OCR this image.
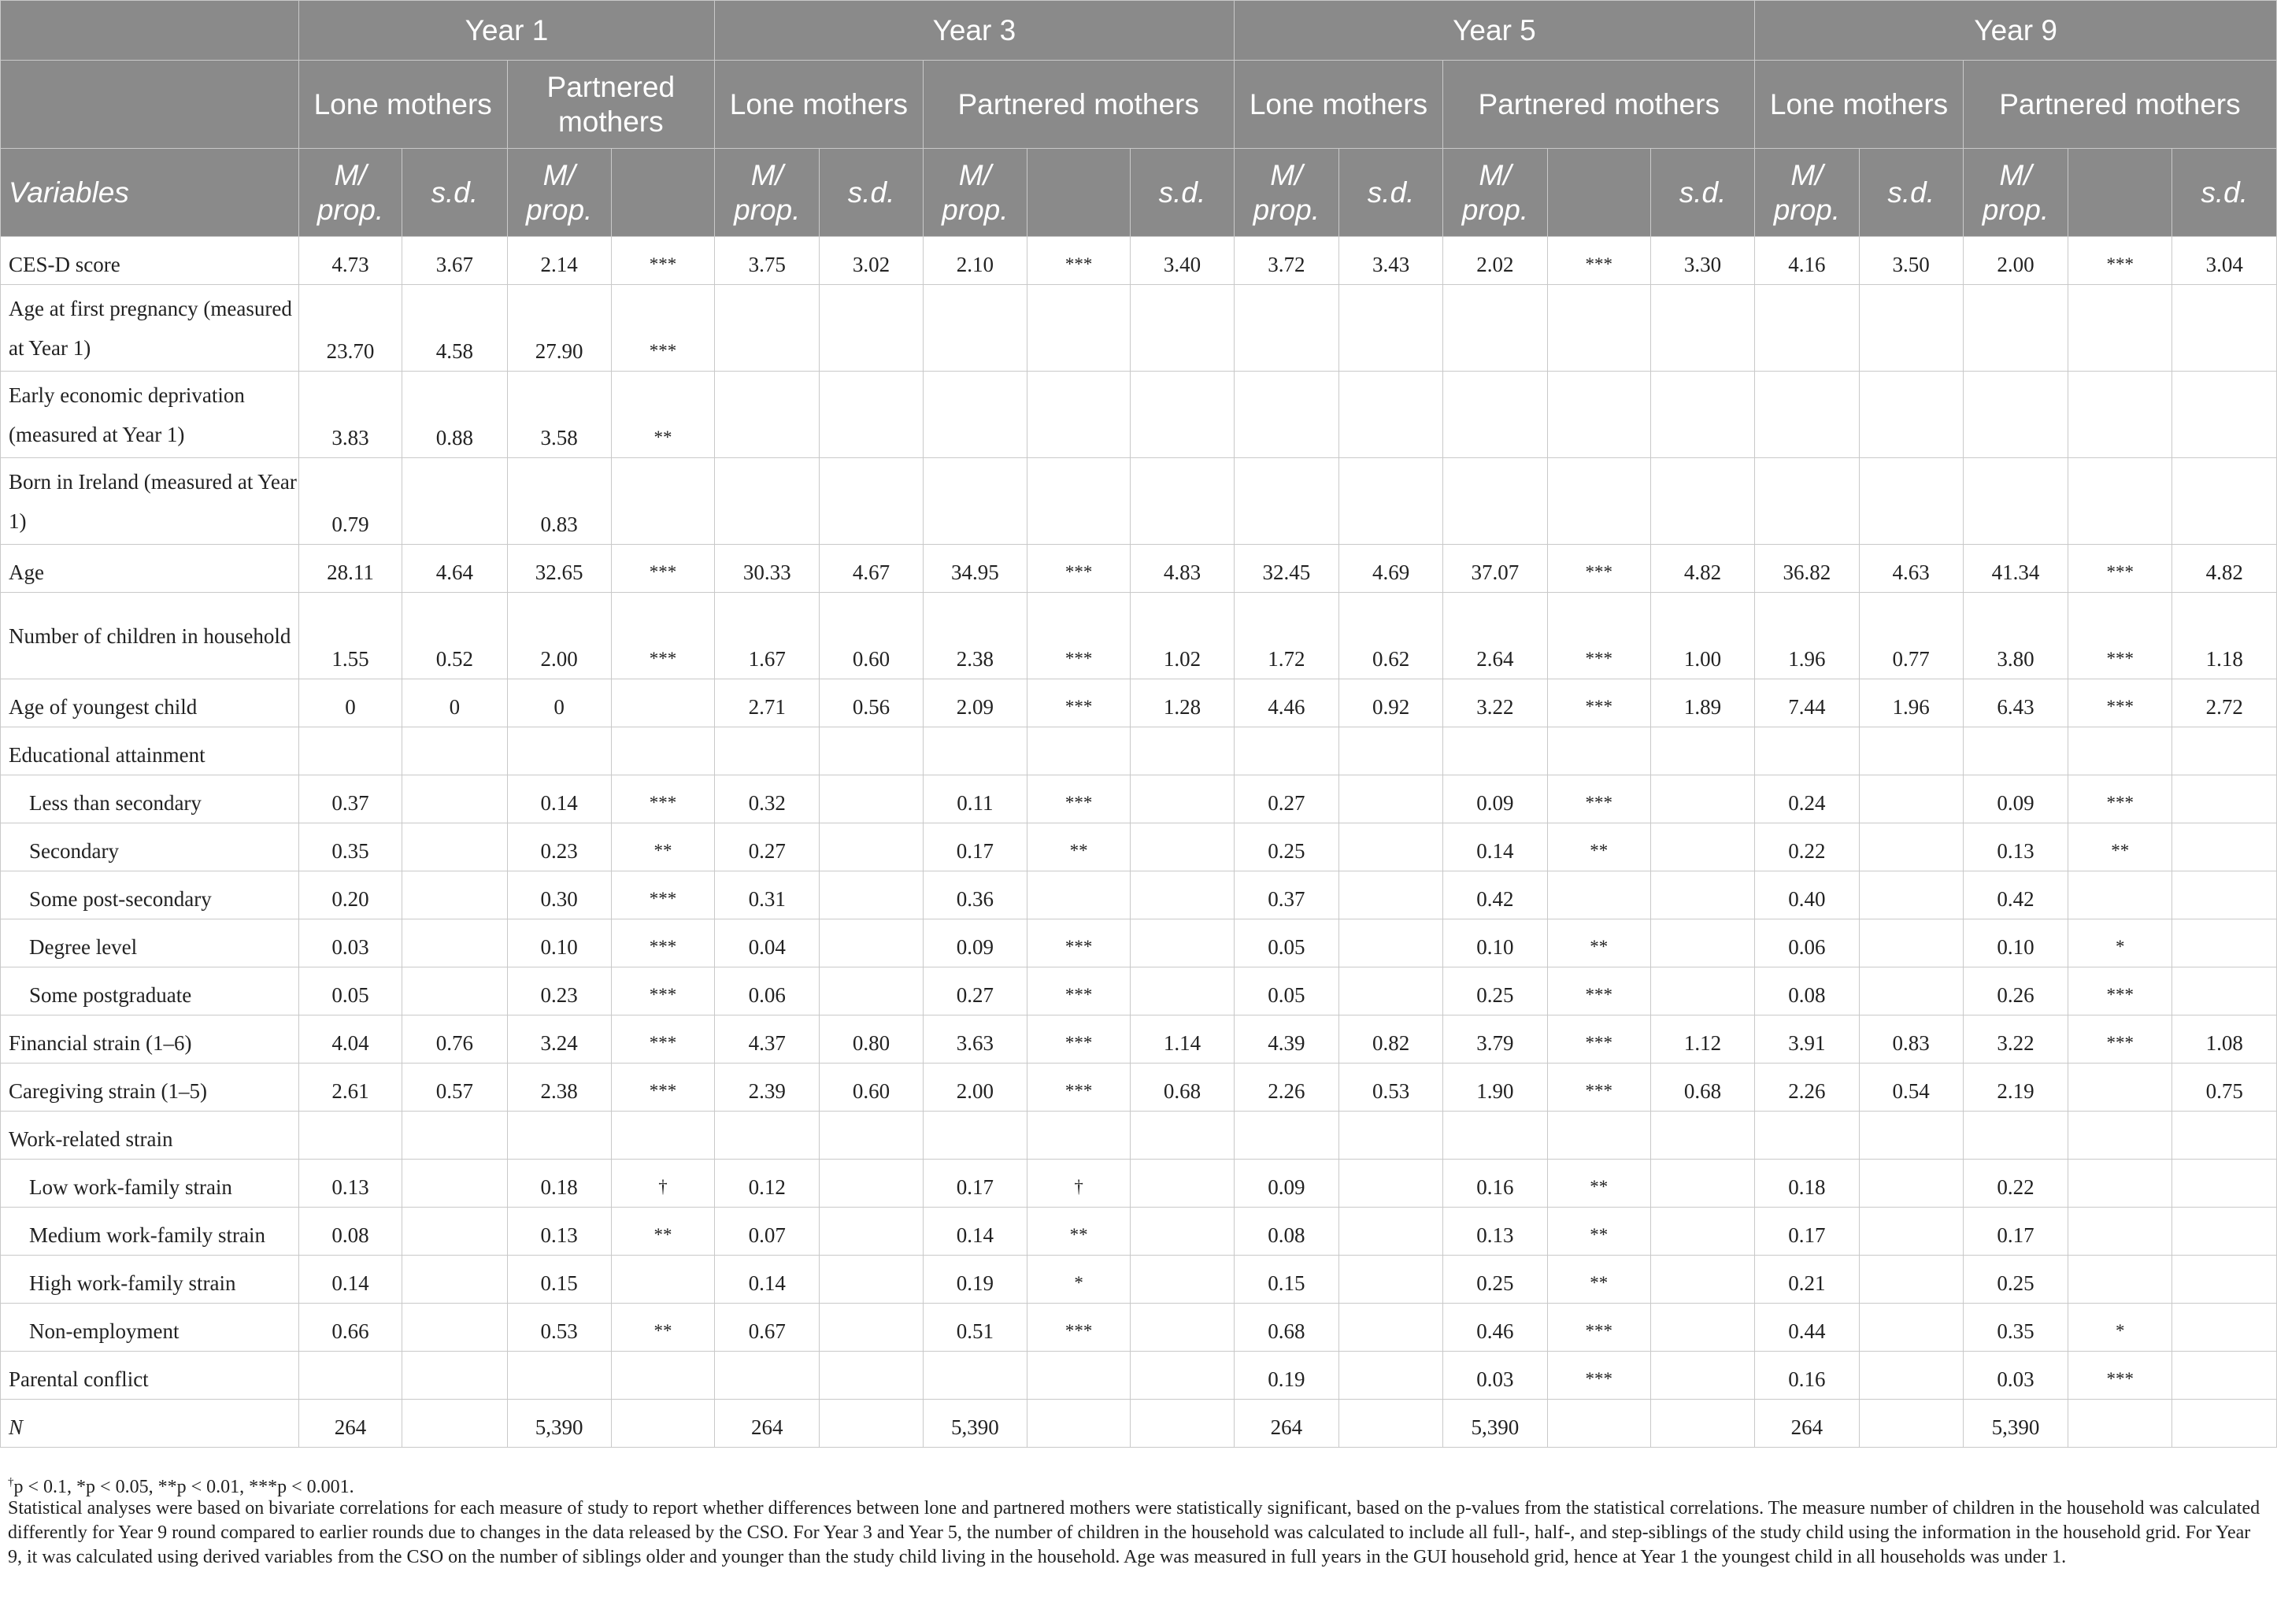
	Year 1				Year 3					Year 5					Year 9				
	Lone mothers		Partnered mothers		Lone mothers		Partnered mothers			Lone mothers		Partnered mothers			Lone mothers		Partnered mothers		
Variables	M/ prop.	s.d.	M/ prop.		M/ prop.	s.d.	M/ prop.		s.d.	M/ prop.	s.d.	M/ prop.		s.d.	M/ prop.	s.d.	M/ prop.		s.d.
CES-D score	4.73	3.67	2.14	***	3.75	3.02	2.10	***	3.40	3.72	3.43	2.02	***	3.30	4.16	3.50	2.00	***	3.04
Age at first pregnancy (measured at Year 1)	23.70	4.58	27.90	***															
Early economic deprivation (measured at Year 1)	3.83	0.88	3.58	**															
Born in Ireland (measured at Year 1)	0.79		0.83																
Age	28.11	4.64	32.65	***	30.33	4.67	34.95	***	4.83	32.45	4.69	37.07	***	4.82	36.82	4.63	41.34	***	4.82
Number of children in household	1.55	0.52	2.00	***	1.67	0.60	2.38	***	1.02	1.72	0.62	2.64	***	1.00	1.96	0.77	3.80	***	1.18
Age of youngest child	0	0	0		2.71	0.56	2.09	***	1.28	4.46	0.92	3.22	***	1.89	7.44	1.96	6.43	***	2.72
Educational attainment																			
Less than secondary	0.37		0.14	***	0.32		0.11	***		0.27		0.09	***		0.24		0.09	***	
Secondary	0.35		0.23	**	0.27		0.17	**		0.25		0.14	**		0.22		0.13	**	
Some post-secondary	0.20		0.30	***	0.31		0.36			0.37		0.42			0.40		0.42		
Degree level	0.03		0.10	***	0.04		0.09	***		0.05		0.10	**		0.06		0.10	*	
Some postgraduate	0.05		0.23	***	0.06		0.27	***		0.05		0.25	***		0.08		0.26	***	
Financial strain (1–6)	4.04	0.76	3.24	***	4.37	0.80	3.63	***	1.14	4.39	0.82	3.79	***	1.12	3.91	0.83	3.22	***	1.08
Caregiving strain (1–5)	2.61	0.57	2.38	***	2.39	0.60	2.00	***	0.68	2.26	0.53	1.90	***	0.68	2.26	0.54	2.19		0.75
Work-related strain																			
Low work-family strain	0.13		0.18	†	0.12		0.17	†		0.09		0.16	**		0.18		0.22		
Medium work-family strain	0.08		0.13	**	0.07		0.14	**		0.08		0.13	**		0.17		0.17		
High work-family strain	0.14		0.15		0.14		0.19	*		0.15		0.25	**		0.21		0.25		
Non-employment	0.66		0.53	**	0.67		0.51	***		0.68		0.46	***		0.44		0.35	*	
Parental conflict										0.19		0.03	***		0.16		0.03	***	
N	264		5,390		264		5,390			264		5,390			264		5,390		
†p < 0.1, *p < 0.05, **p < 0.01, ***p < 0.001.
Statistical analyses were based on bivariate correlations for each measure of study to report whether differences between lone and partnered mothers were statistically significant, based on the p-values from the statistical correlations. The measure number of children in the household was calculated differently for Year 9 round compared to earlier rounds due to changes in the data released by the CSO. For Year 3 and Year 5, the number of children in the household was calculated to include all full-, half-, and step-siblings of the study child using the information in the household grid. For Year 9, it was calculated using derived variables from the CSO on the number of siblings older and younger than the study child living in the household. Age was measured in full years in the GUI household grid, hence at Year 1 the youngest child in all households was under 1.
